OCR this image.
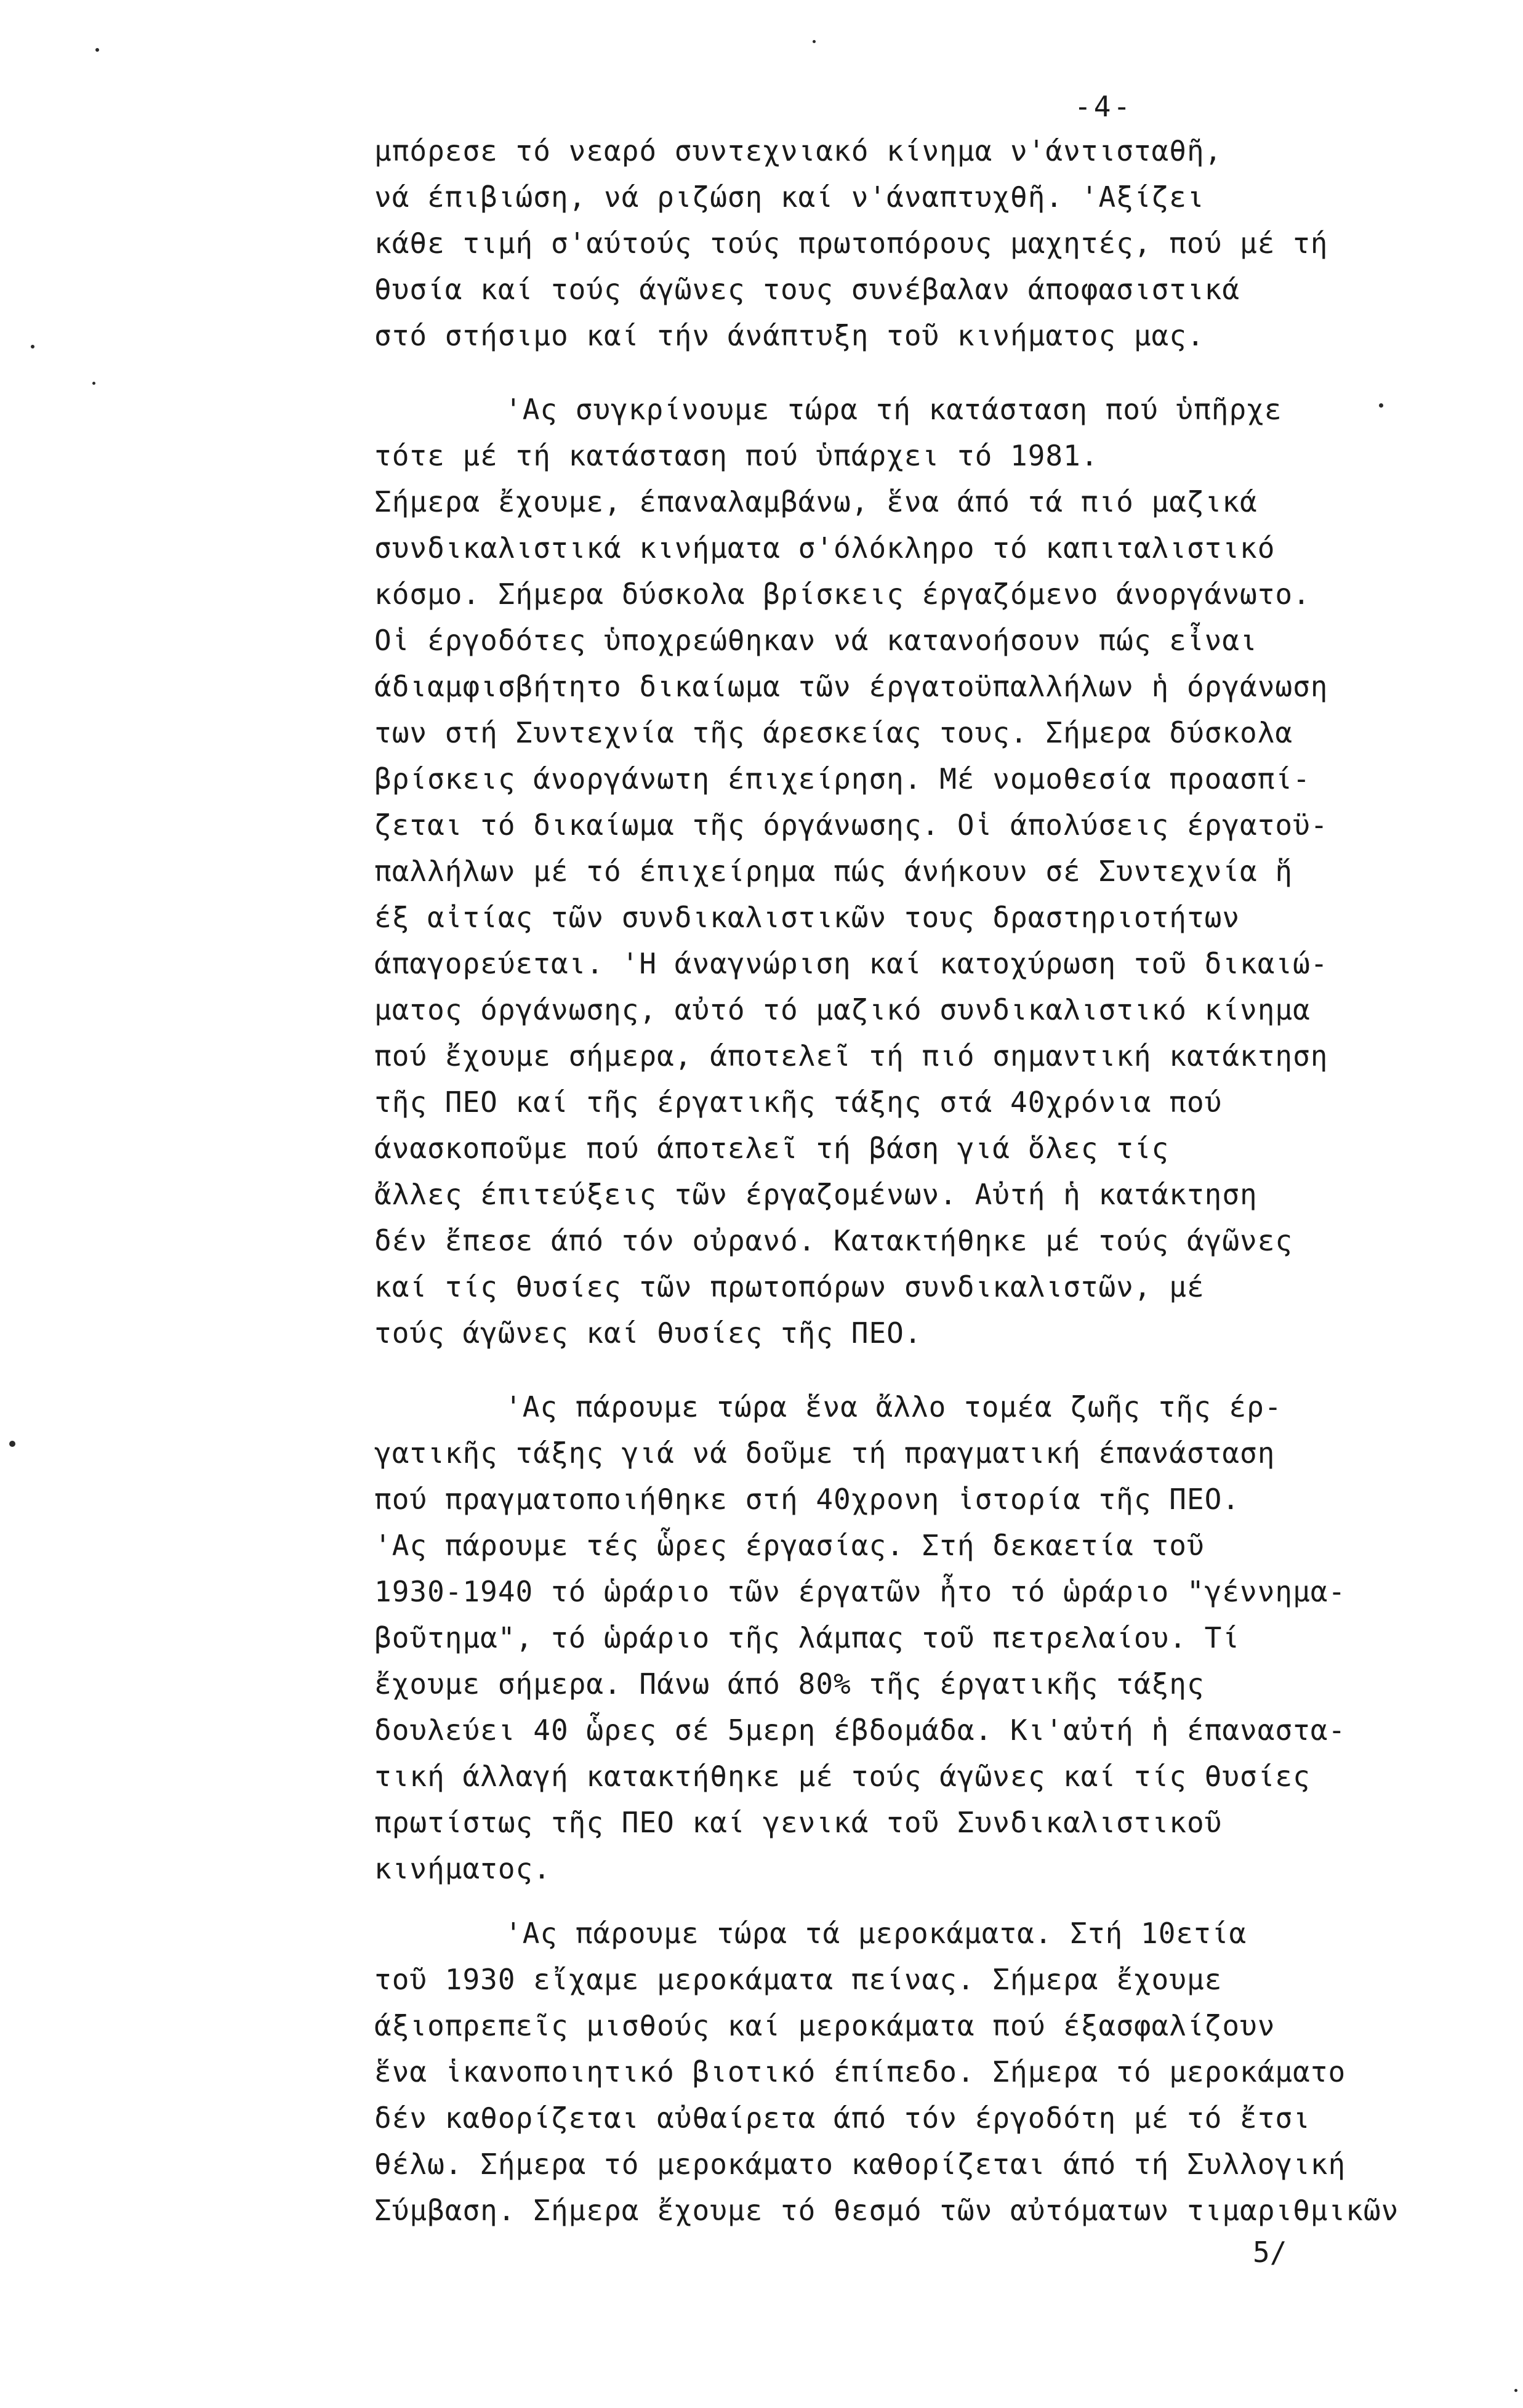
-4-
μπόρεσε τό νεαρό συντεχνιακό κίνημα ν'άντισταθῆ,
νά έπιβιώση, νά ριζώση καί ν'άναπτυχθῆ. 'Αξίζει
κάθε τιμή σ'αύτούς τούς πρωτοπόρους μαχητές, πού μέ τή
θυσία καί τούς άγῶνες τους συνέβαλαν άποφασιστικά
στό στήσιμο καί τήν άνάπτυξη τοῦ κινήματος μας.
'Ας συγκρίνουμε τώρα τή κατάσταση πού ὑπῆρχε
τότε μέ τή κατάσταση πού ὑπάρχει τό 1981.
Σήμερα ἔχουμε, έπαναλαμβάνω, ἕνα άπό τά πιό μαζικά
συνδικαλιστικά κινήματα σ'όλόκληρο τό καπιταλιστικό
κόσμο. Σήμερα δύσκολα βρίσκεις έργαζόμενο άνοργάνωτο.
Οἱ έργοδότες ὑποχρεώθηκαν νά κατανοήσουν πώς εἶναι
άδιαμφισβήτητο δικαίωμα τῶν έργατοϋπαλλήλων ἡ όργάνωση
των στή Συντεχνία τῆς άρεσκείας τους. Σήμερα δύσκολα
βρίσκεις άνοργάνωτη έπιχείρηση. Μέ νομοθεσία προασπί-
ζεται τό δικαίωμα τῆς όργάνωσης. Οἱ άπολύσεις έργατοϋ-
παλλήλων μέ τό έπιχείρημα πώς άνήκουν σέ Συντεχνία ἥ
έξ αἰτίας τῶν συνδικαλιστικῶν τους δραστηριοτήτων
άπαγορεύεται. 'Η άναγνώριση καί κατοχύρωση τοῦ δικαιώ-
ματος όργάνωσης, αὐτό τό μαζικό συνδικαλιστικό κίνημα
πού ἔχουμε σήμερα, άποτελεῖ τή πιό σημαντική κατάκτηση
τῆς ΠΕΟ καί τῆς έργατικῆς τάξης στά 40χρόνια πού
άνασκοποῦμε πού άποτελεῖ τή βάση γιά ὅλες τίς
ἄλλες έπιτεύξεις τῶν έργαζομένων. Αὐτή ἡ κατάκτηση
δέν ἔπεσε άπό τόν οὐρανό. Κατακτήθηκε μέ τούς άγῶνες
καί τίς θυσίες τῶν πρωτοπόρων συνδικαλιστῶν, μέ
τούς άγῶνες καί θυσίες τῆς ΠΕΟ.
'Ας πάρουμε τώρα ἕνα ἄλλο τομέα ζωῆς τῆς έρ-
γατικῆς τάξης γιά νά δοῦμε τή πραγματική έπανάσταση
πού πραγματοποιήθηκε στή 40χρονη ἱστορία τῆς ΠΕΟ.
'Ας πάρουμε τές ὧρες έργασίας. Στή δεκαετία τοῦ
1930-1940 τό ὡράριο τῶν έργατῶν ἦτο τό ὡράριο "γέννημα-
βοῦτημα", τό ὡράριο τῆς λάμπας τοῦ πετρελαίου. Τί
ἔχουμε σήμερα. Πάνω άπό 80% τῆς έργατικῆς τάξης
δουλεύει 40 ὧρες σέ 5μερη έβδομάδα. Κι'αὐτή ἡ έπαναστα-
τική άλλαγή κατακτήθηκε μέ τούς άγῶνες καί τίς θυσίες
πρωτίστως τῆς ΠΕΟ καί γενικά τοῦ Συνδικαλιστικοῦ
κινήματος.
'Ας πάρουμε τώρα τά μεροκάματα. Στή 10ετία
τοῦ 1930 εἴχαμε μεροκάματα πείνας. Σήμερα ἔχουμε
άξιοπρεπεῖς μισθούς καί μεροκάματα πού έξασφαλίζουν
ἕνα ἱκανοποιητικό βιοτικό έπίπεδο. Σήμερα τό μεροκάματο
δέν καθορίζεται αὐθαίρετα άπό τόν έργοδότη μέ τό ἔτσι
θέλω. Σήμερα τό μεροκάματο καθορίζεται άπό τή Συλλογική
Σύμβαση. Σήμερα ἔχουμε τό θεσμό τῶν αὐτόματων τιμαριθμικῶν
5/
